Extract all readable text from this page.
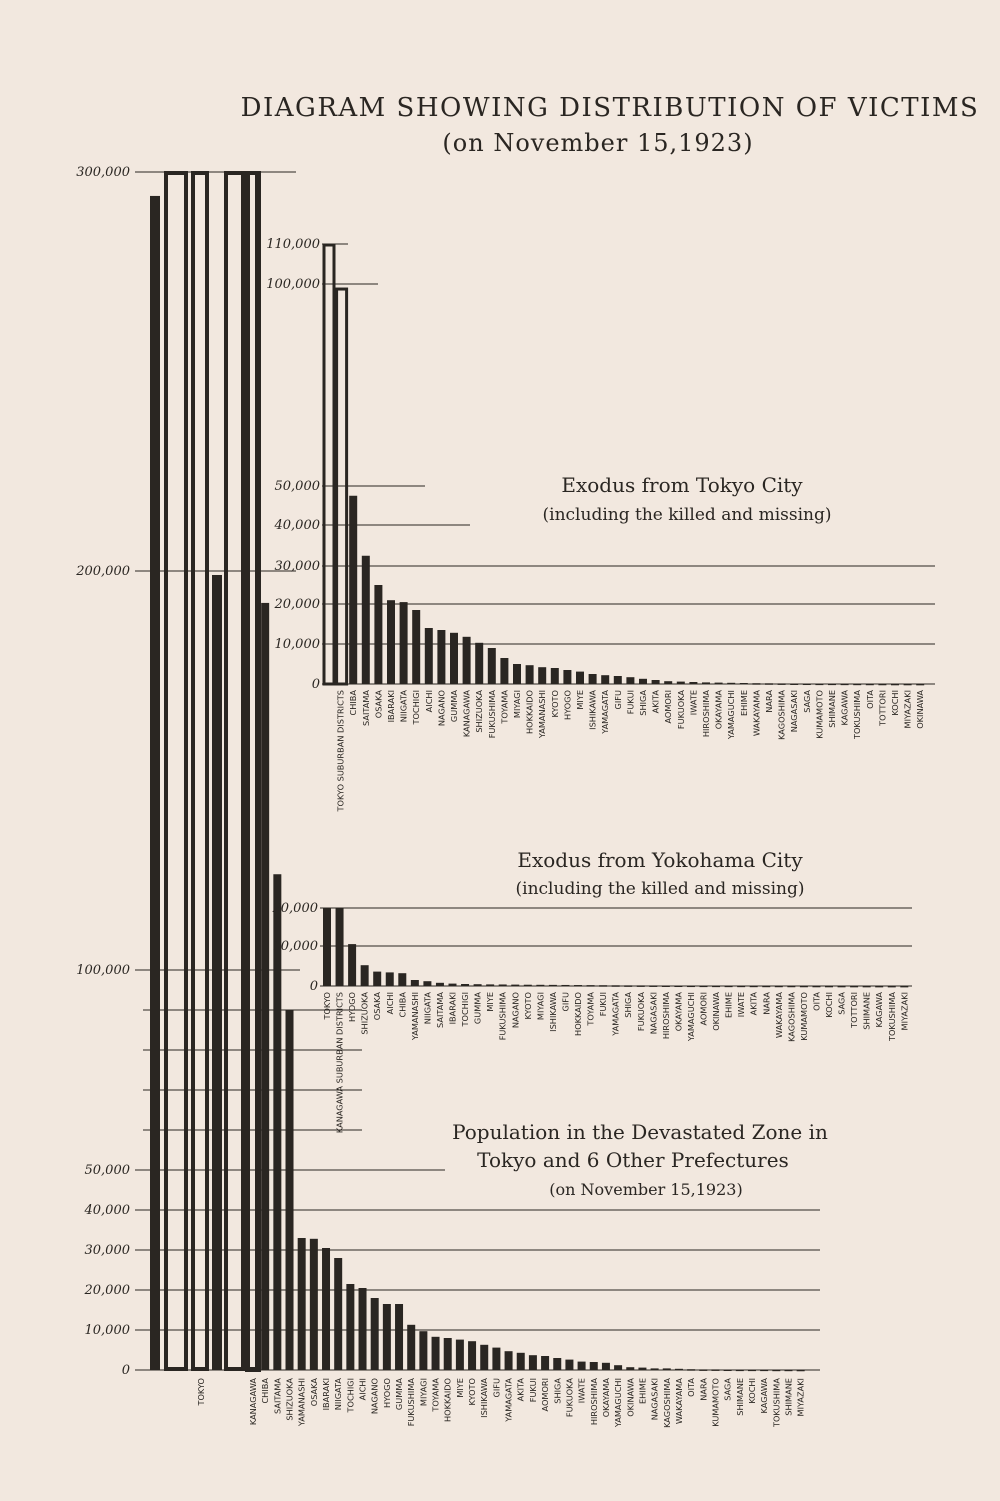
DIAGRAM SHOWING DISTRIBUTION OF VICTIMS
(on November 15,1923)
0
10,000
20,000
30,000
40,000
50,000
100,000
200,000
300,000
TOKYO	KANAGAWA CHIBA SAITAMA SHIZUOKA YAMANASHI OSAKA IBARAKI NIIGATA TOCHIGI AICHI NAGANO HYOGO GUMMA FUKUSHIMA MIYAGI TOYAMA HOKKAIDO MIYE KYOTO ISHIKAWA GIFU YAMAGATA AKITA FUKUI AOMORI SHIGA FUKUOKA IWATE HIROSHIMA OKAYAMA YAMAGUCHI OKINAWA EHIME NAGASAKI KAGOSHIMA WAKAYAMA OITA NARA KUMAMOTO SAGA SHIMANE KOCHI KAGAWA TOKUSHIMA SHIMANE MIYAZAKI
Population in the Devastated Zone in
Tokyo and 6 Other Prefectures
(on November 15,1923)
0
10,000
20,000
30,000
40,000
50,000
100,000
110,000
TOKYO SUBURBAN DISTRICTS CHIBA SAITAMA OSAKA IBARAKI NIIGATA TOCHIGI AICHI NAGANO GUMMA KANAGAWA SHIZUOKA FUKUSHIMA TOYAMA MIYAGI HOKKAIDO YAMANASHI KYOTO HYOGO MIYE ISHIKAWA YAMAGATA GIFU FUKUI SHIGA AKITA AOMORI FUKUOKA IWATE HIROSHIMA OKAYAMA YAMAGUCHI EHIME WAKAYAMA NARA KAGOSHIMA NAGASAKI SAGA KUMAMOTO SHIMANE KAGAWA TOKUSHIMA OITA TOTTORI KOCHI MIYAZAKI OKINAWA
Exodus from Tokyo City
(including the killed and missing)
0
10,000
20,000
TOKYO KANAGAWA SUBURBAN DISTRICTS HYOGO SHIZUOKA OSAKA AICHI CHIBA YAMANASHI NIIGATA SAITAMA IBARAKI TOCHIGI GUMMA MIYE FUKUSHIMA NAGANO KYOTO MIYAGI ISHIKAWA GIFU HOKKAIDO TOYAMA FUKUI YAMAGATA SHIGA FUKUOKA NAGASAKI HIROSHIMA OKAYAMA YAMAGUCHI AOMORI OKINAWA EHIME IWATE AKITA NARA WAKAYAMA KAGOSHIMA KUMAMOTO OITA KOCHI SAGA TOTTORI SHIMANE KAGAWA TOKUSHIMA MIYAZAKI
Exodus from Yokohama City
(including the killed and missing)
